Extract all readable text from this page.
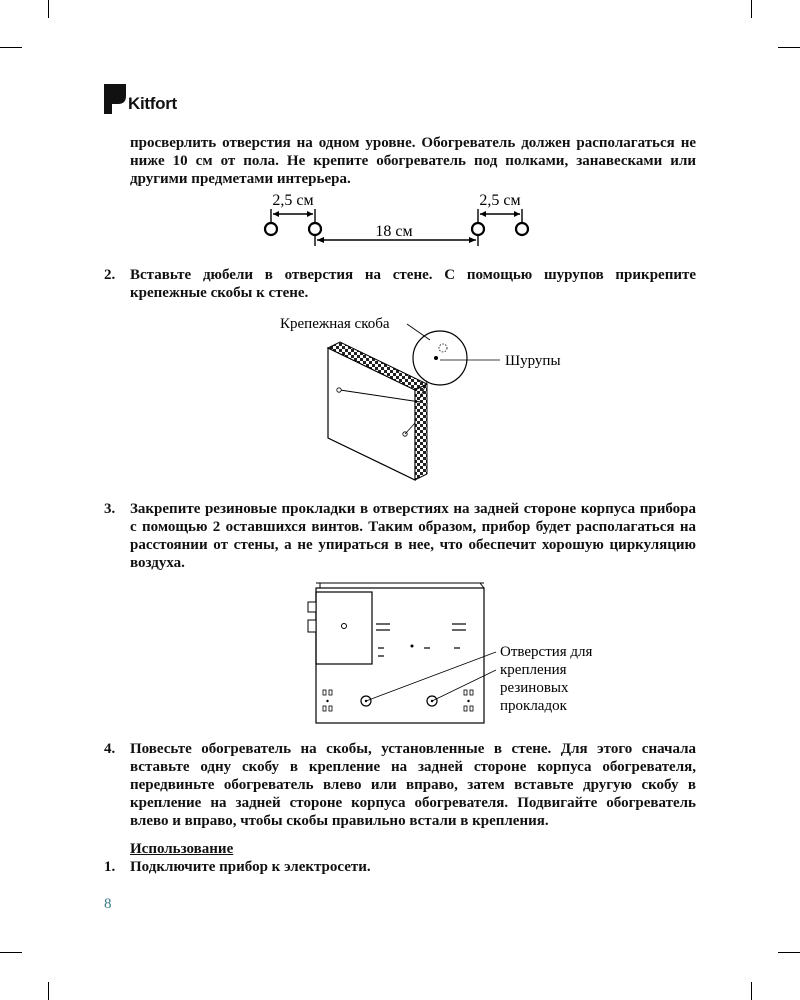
Kitfort

просверлить отверстия на одном уровне. Обогреватель должен располагаться не ниже 10 см от пола. Не крепите обогреватель под полками, занавесками или другими предметами интерьера.

2,5 см	2,5 см
18 см
2. Вставьте дюбели в отверстия на стене. С помощью шурупов прикрепите крепежные скобы к стене.
Крепежная скоба
Шурупы
3. Закрепите резиновые прокладки в отверстиях на задней стороне корпуса прибора с помощью 2 оставшихся винтов. Таким образом, прибор будет располагаться на расстоянии от стены, а не упираться в нее, что обеспечит хорошую циркуляцию воздуха.
Отверстия для крепления резиновых прокладок
4. Повесьте обогреватель на скобы, установленные в стене. Для этого сначала вставьте одну скобу в крепление на задней стороне корпуса обогревателя, передвиньте обогреватель влево или вправо, затем вставьте другую скобу в крепление на задней стороне корпуса обогревателя. Подвигайте обогреватель влево и вправо, чтобы скобы правильно встали в крепления.
Использование
1. Подключите прибор к электросети.
8
